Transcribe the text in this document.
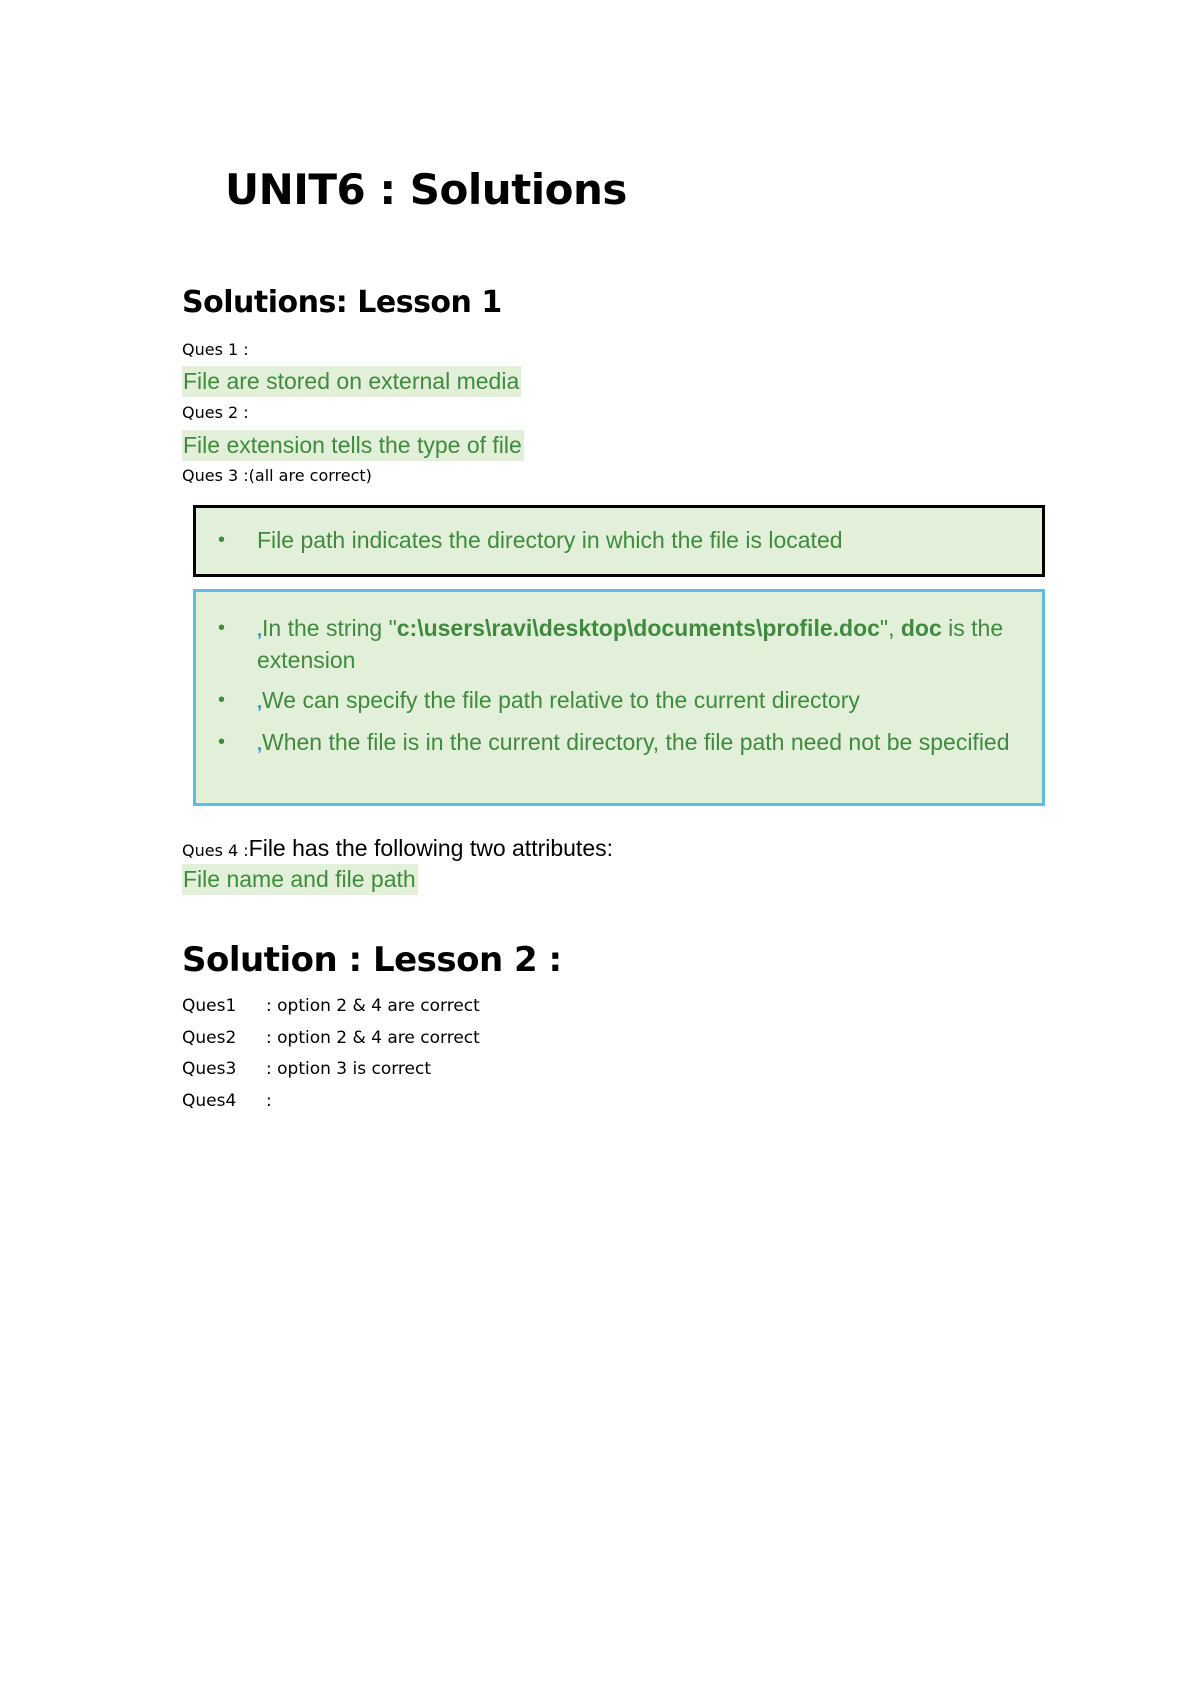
UNIT6 : Solutions
Solutions: Lesson 1
Ques 1 :
File are stored on external media
Ques 2 :
File extension tells the type of file
Ques 3 :(all are correct)
• File path indicates the directory in which the file is located
• ,In the string "c:\users\ravi\desktop\documents\profile.doc", doc is the extension
• ,We can specify the file path relative to the current directory
• ,When the file is in the current directory, the file path need not be specified
Ques 4 :File has the following two attributes:
File name and file path
Solution : Lesson 2 :
Ques1 : option 2 & 4 are correct
Ques2 : option 2 & 4 are correct
Ques3 : option 3 is correct
Ques4 :
